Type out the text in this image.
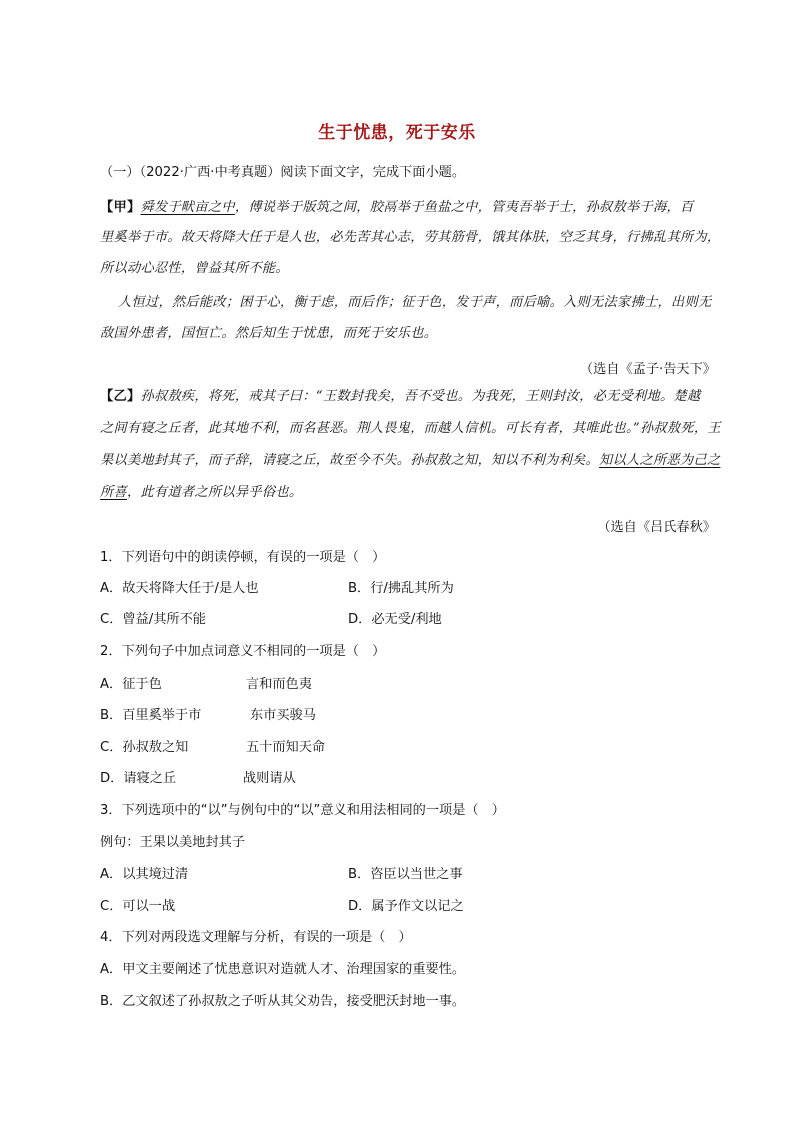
生于忧患，死于安乐
（一）（2022·广西·中考真题）阅读下面文字，完成下面小题。
【甲】舜发于畎亩之中，傅说举于版筑之间，胶鬲举于鱼盐之中，管夷吾举于士，孙叔敖举于海，百
里奚举于市。故天将降大任于是人也，必先苦其心志，劳其筋骨，饿其体肤，空乏其身，行拂乱其所为，
所以动心忍性，曾益其所不能。
人恒过，然后能改；困于心，衡于虑，而后作；征于色，发于声，而后喻。入则无法家拂士，出则无
敌国外患者，国恒亡。然后知生于忧患，而死于安乐也。
（选自《孟子·告天下》
【乙】孙叔敖疾，将死，戒其子曰：“王数封我矣，吾不受也。为我死，王则封汝，必无受利地。楚越
之间有寝之丘者，此其地不利，而名甚恶。荆人畏鬼，而越人信机。可长有者，其唯此也。”孙叔敖死，王
果以美地封其子，而子辞，请寝之丘，故至今不失。孙叔敖之知，知以不利为利矣。知以人之所恶为己之
所喜，此有道者之所以异乎俗也。
（选自《吕氏春秋》
1．下列语句中的朗读停顿，有误的一项是（　）
A．故天将降大任于/是人也	B．行/拂乱其所为
C．曾益/其所不能	D．必无受/利地
2．下列句子中加点词意义不相同的一项是（　）
A．征于色	言和而色夷
B．百里奚举于市	东市买骏马
C．孙叔敖之知	五十而知天命
D．请寝之丘	战则请从
3．下列选项中的“以”与例句中的“以”意义和用法相同的一项是（　）
例句：王果以美地封其子
A．以其境过清	B．咨臣以当世之事
C．可以一战	D．属予作文以记之
4．下列对两段选文理解与分析，有误的一项是（　）
A．甲文主要阐述了忧患意识对造就人才、治理国家的重要性。
B．乙文叙述了孙叔敖之子听从其父劝告，接受肥沃封地一事。
